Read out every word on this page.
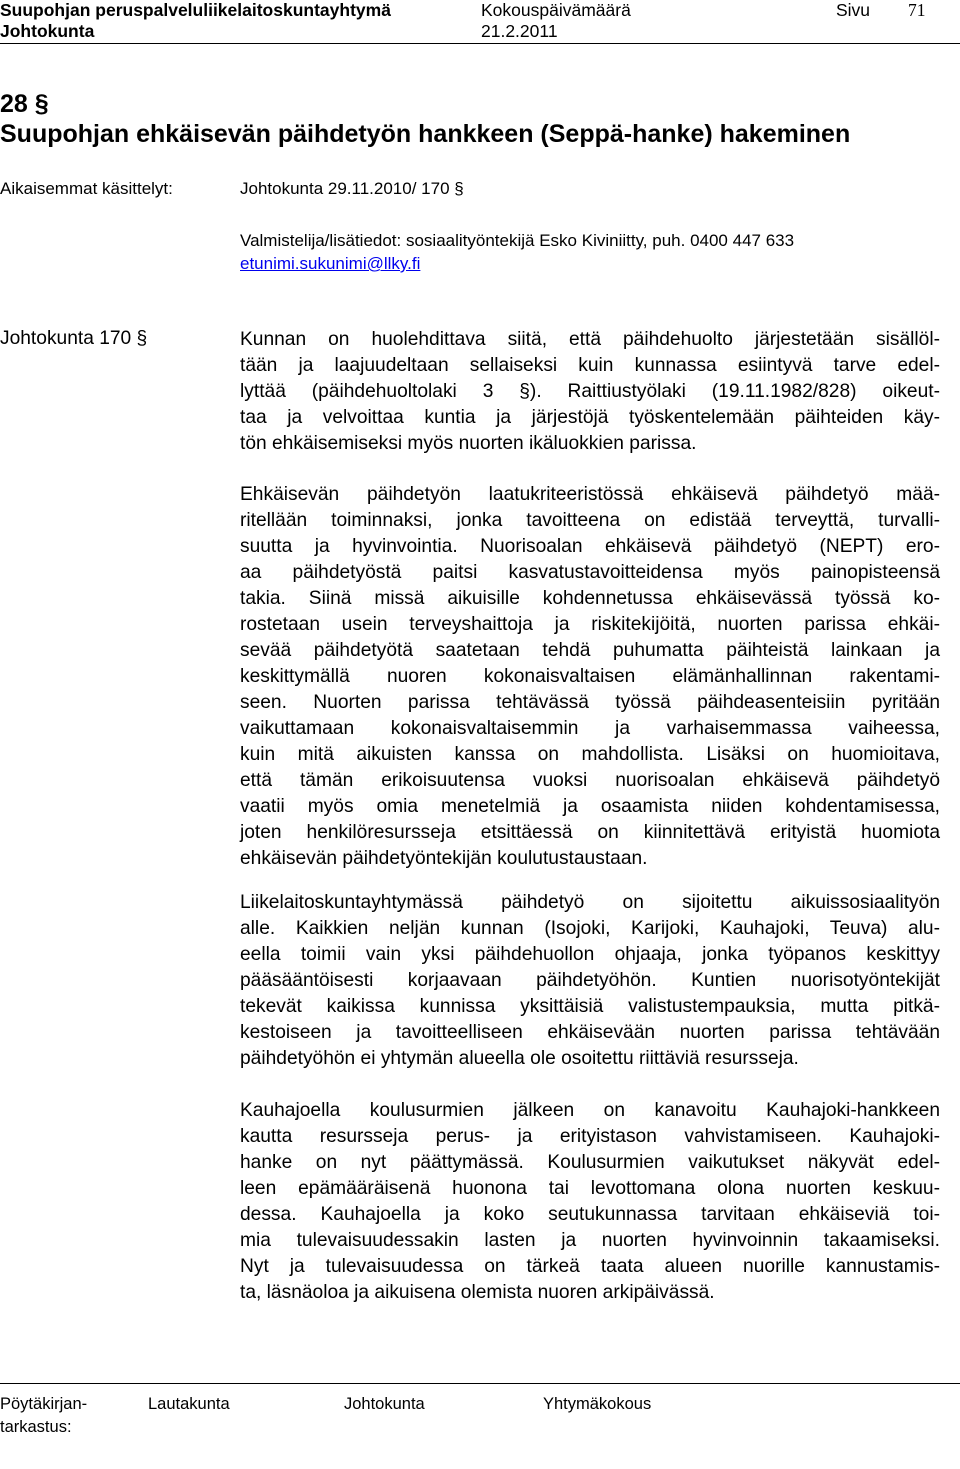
Suupohjan peruspalveluliikelaitoskuntayhtymä	Kokouspäivämäärä	Sivu 71
Johtokunta	21.2.2011
28 §
Suupohjan ehkäisevän päihdetyön hankkeen (Seppä-hanke) hakeminen
Aikaisemmat käsittelyt:	Johtokunta 29.11.2010/ 170 §
Valmistelija/lisätiedot: sosiaalityöntekijä Esko Kiviniitty, puh. 0400 447 633
etunimi.sukunimi@llky.fi
Johtokunta 170 §	Kunnan on huolehdittava siitä, että päihdehuolto järjestetään sisällöl-
tään ja laajuudeltaan sellaiseksi kuin kunnassa esiintyvä tarve edel-
lyttää (päihdehuoltolaki 3 §). Raittiustyölaki (19.11.1982/828) oikeut-
taa ja velvoittaa kuntia ja järjestöjä työskentelemään päihteiden käy-
tön ehkäisemiseksi myös nuorten ikäluokkien parissa.
Ehkäisevän päihdetyön laatukriteeristössä ehkäisevä päihdetyö mää-
ritellään toiminnaksi, jonka tavoitteena on edistää terveyttä, turvalli-
suutta ja hyvinvointia. Nuorisoalan ehkäisevä päihdetyö (NEPT) ero-
aa päihdetyöstä paitsi kasvatustavoitteidensa myös painopisteensä
takia. Siinä missä aikuisille kohdennetussa ehkäisevässä työssä ko-
rostetaan usein terveyshaittoja ja riskitekijöitä, nuorten parissa ehkäi-
sevää päihdetyötä saatetaan tehdä puhumatta päihteistä lainkaan ja
keskittymällä nuoren kokonaisvaltaisen elämänhallinnan rakentami-
seen. Nuorten parissa tehtävässä työssä päihdeasenteisiin pyritään
vaikuttamaan kokonaisvaltaisemmin ja varhaisemmassa vaiheessa,
kuin mitä aikuisten kanssa on mahdollista. Lisäksi on huomioitava,
että tämän erikoisuutensa vuoksi nuorisoalan ehkäisevä päihdetyö
vaatii myös omia menetelmiä ja osaamista niiden kohdentamisessa,
joten henkilöresursseja etsittäessä on kiinnitettävä erityistä huomiota
ehkäisevän päihdetyöntekijän koulutustaustaan.
Liikelaitoskuntayhtymässä päihdetyö on sijoitettu aikuissosiaalityön
alle. Kaikkien neljän kunnan (Isojoki, Karijoki, Kauhajoki, Teuva) alu-
eella toimii vain yksi päihdehuollon ohjaaja, jonka työpanos keskittyy
pääsääntöisesti korjaavaan päihdetyöhön. Kuntien nuorisotyöntekijät
tekevät kaikissa kunnissa yksittäisiä valistustempauksia, mutta pitkä-
kestoiseen ja tavoitteelliseen ehkäisevään nuorten parissa tehtävään
päihdetyöhön ei yhtymän alueella ole osoitettu riittäviä resursseja.
Kauhajoella koulusurmien jälkeen on kanavoitu Kauhajoki-hankkeen
kautta resursseja perus- ja erityistason vahvistamiseen. Kauhajoki-
hanke on nyt päättymässä. Koulusurmien vaikutukset näkyvät edel-
leen epämääräisenä huonona tai levottomana olona nuorten keskuu-
dessa. Kauhajoella ja koko seutukunnassa tarvitaan ehkäiseviä toi-
mia tulevaisuudessakin lasten ja nuorten hyvinvoinnin takaamiseksi.
Nyt ja tulevaisuudessa on tärkeä taata alueen nuorille kannustamis-
ta, läsnäoloa ja aikuisena olemista nuoren arkipäivässä.
Pöytäkirjan-
tarkastus:
Lautakunta	Johtokunta	Yhtymäkokous
